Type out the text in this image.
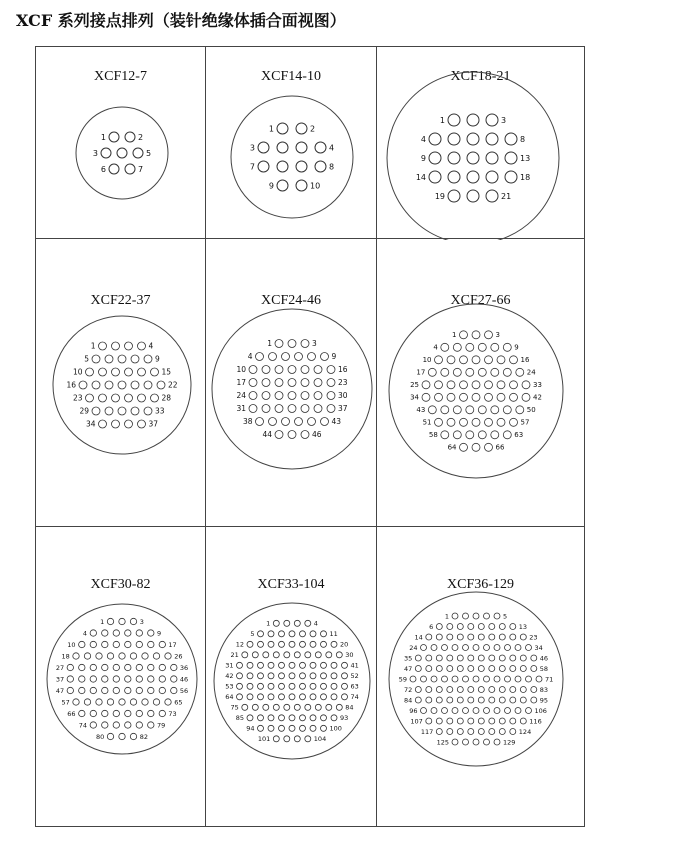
XCF 系列接点排列（装针绝缘体插合面视图）
XCF12-7
1	2
3	5
6	7
XCF14-10
1	2
3	4
7	8
9	10
XCF18-21
1	3
4	8
9	13
14	18
19	21
XCF22-37
1	4
5	9
10	15
16	22
23	28
29	33
34	37
XCF24-46
1	3
4	9
10	16
17	23
24	30
31	37
38	43
44	46
XCF27-66
1	3
4	9
10	16
17	24
25	33
34	42
43	50
51	57
58	63
64	66
XCF30-82
1	3
4	9
10	17
18	26
27	36
37	46
47	56
57	65
66	73
74	79
80	82
XCF33-104
1	4
5	11
12	20
21	30
31	41
42	52
53	63
64	74
75	84
85	93
94	100
101	104
XCF36-129
1	5
6	13
14	23
24	34
35	46
47	58
59	71
72	83
84	95
96	106
107	116
117	124
125	129
